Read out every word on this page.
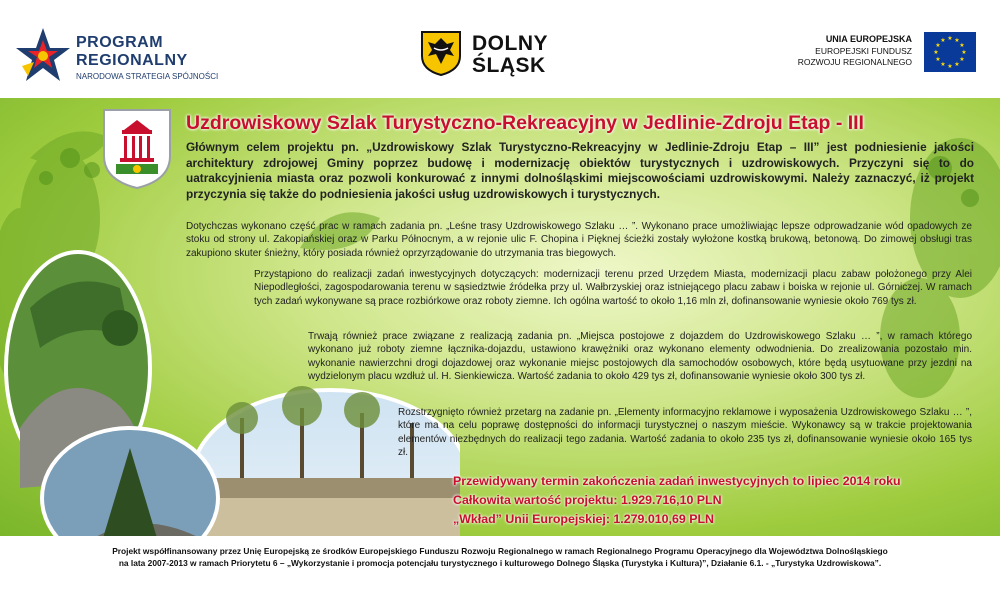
PROGRAM
REGIONALNY
NARODOWA STRATEGIA SPÓJNOŚCI
DOLNY
ŚLĄSK
UNIA EUROPEJSKA
EUROPEJSKI FUNDUSZ
ROZWOJU REGIONALNEGO
★ ★
★
★
★
★
★
★
★
★
★
★
Uzdrowiskowy Szlak Turystyczno-Rekreacyjny w Jedlinie-Zdroju Etap - III
Głównym celem projektu pn. „Uzdrowiskowy Szlak Turystyczno-Rekreacyjny w Jedlinie-Zdroju Etap – III” jest podniesienie jakości architektury zdrojowej Gminy poprzez budowę i modernizację obiektów turystycznych i uzdrowiskowych. Przyczyni się to do uatrakcyjnienia miasta oraz pozwoli konkurować z innymi dolnośląskimi miejscowościami uzdrowiskowymi. Należy zaznaczyć, iż projekt przyczynia się także do podniesienia jakości usług uzdrowiskowych i turystycznych.
Dotychczas wykonano część prac w ramach zadania pn. „Leśne trasy Uzdrowiskowego Szlaku … ”. Wykonano prace umożliwiając lepsze odprowadzanie wód opadowych ze stoku od strony ul. Zakopiańskiej oraz w Parku Północnym, a w rejonie ulic F. Chopina i Pięknej ścieżki zostały wyłożone kostką brukową, betonową. Do zimowej obsługi tras zakupiono skuter śnieżny, który posiada również oprzyrządowanie do utrzymania tras biegowych.
Przystąpiono do realizacji zadań inwestycyjnych dotyczących: modernizacji terenu przed Urzędem Miasta, modernizacji placu zabaw położonego przy Alei Niepodległości, zagospodarowania terenu w sąsiedztwie źródełka przy ul. Wałbrzyskiej oraz istniejącego placu zabaw i boiska w rejonie ul. Górniczej. W ramach tych zadań wykonywane są prace rozbiórkowe oraz roboty ziemne. Ich ogólna wartość to około 1,16 mln zł, dofinansowanie wyniesie około 769 tys zł.
Trwają również prace związane z realizacją zadania pn. „Miejsca postojowe z dojazdem do Uzdrowiskowego Szlaku … ”, w ramach którego wykonano już roboty ziemne łącznika-dojazdu, ustawiono krawężniki oraz wykonano elementy odwodnienia. Do zrealizowania pozostało min. wykonanie nawierzchni drogi dojazdowej oraz wykonanie miejsc postojowych dla samochodów osobowych, które będą usytuowane przy jezdni na wydzielonym placu wzdłuż ul. H. Sienkiewicza. Wartość zadania to około 429 tys zł, dofinansowanie wyniesie około 300 tys zł.
Rozstrzygnięto również przetarg na zadanie pn. „Elementy informacyjno reklamowe i wyposażenia Uzdrowiskowego Szlaku … ”, które ma na celu poprawę dostępności do informacji turystycznej o naszym mieście. Wykonawcy są w trakcie projektowania elementów niezbędnych do realizacji tego zadania. Wartość zadania to około 235 tys zł, dofinansowanie wyniesie około 165 tys zł.
Przewidywany termin zakończenia zadań inwestycyjnych to lipiec 2014 roku
Całkowita wartość projektu: 1.929.716,10 PLN
„Wkład” Unii Europejskiej: 1.279.010,69 PLN
Projekt współfinansowany przez Unię Europejską ze środków Europejskiego Funduszu Rozwoju Regionalnego w ramach Regionalnego Programu Operacyjnego dla Województwa Dolnośląskiego
na lata 2007-2013 w ramach Priorytetu 6 – „Wykorzystanie i promocja potencjału turystycznego i kulturowego Dolnego Śląska (Turystyka i Kultura)”, Działanie 6.1. - „Turystyka Uzdrowiskowa”.
